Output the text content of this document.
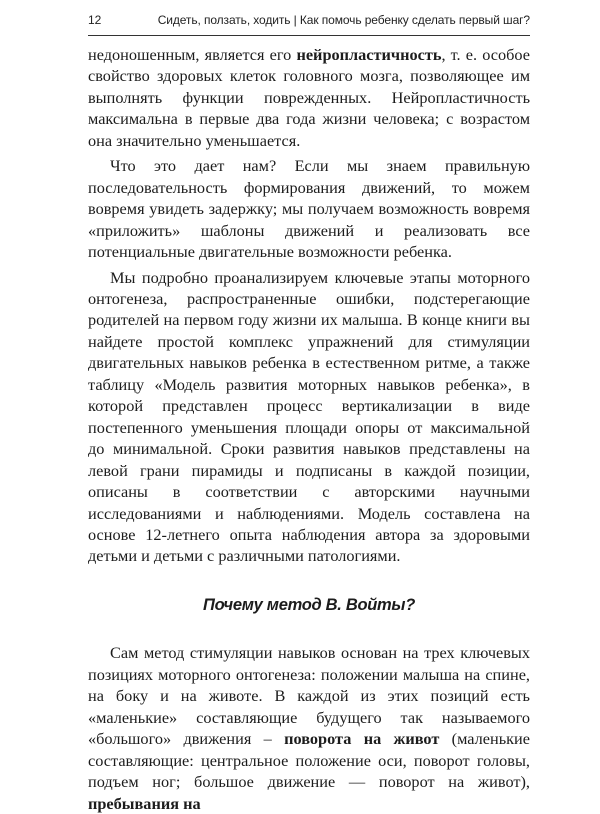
12	Сидеть, ползать, ходить | Как помочь ребенку сделать первый шаг?

недоношенным, является его нейропластичность, т. е. особое свойство здоровых клеток головного мозга, позволяющее им выполнять функции поврежденных. Нейропластичность максимальна в первые два года жизни человека; с возрастом она значительно уменьшается.

Что это дает нам? Если мы знаем правильную последовательность формирования движений, то можем вовремя увидеть задержку; мы получаем возможность вовремя «приложить» шаблоны движений и реализовать все потенциальные двигательные возможности ребенка.

Мы подробно проанализируем ключевые этапы моторного онтогенеза, распространенные ошибки, подстерегающие родителей на первом году жизни их малыша. В конце книги вы найдете простой комплекс упражнений для стимуляции двигательных навыков ребенка в естественном ритме, а также таблицу «Модель развития моторных навыков ребенка», в которой представлен процесс вертикализации в виде постепенного уменьшения площади опоры от максимальной до минимальной. Сроки развития навыков представлены на левой грани пирамиды и подписаны в каждой позиции, описаны в соответствии с авторскими научными исследованиями и наблюдениями. Модель составлена на основе 12-летнего опыта наблюдения автора за здоровыми детьми и детьми с различными патологиями.

Почему метод В. Войты?

Сам метод стимуляции навыков основан на трех ключевых позициях моторного онтогенеза: положении малыша на спине, на боку и на животе. В каждой из этих позиций есть «маленькие» составляющие будущего так называемого «большого» движения – поворота на живот (маленькие составляющие: центральное положение оси, поворот головы, подъем ног; большое движение — поворот на живот), пребывания на
